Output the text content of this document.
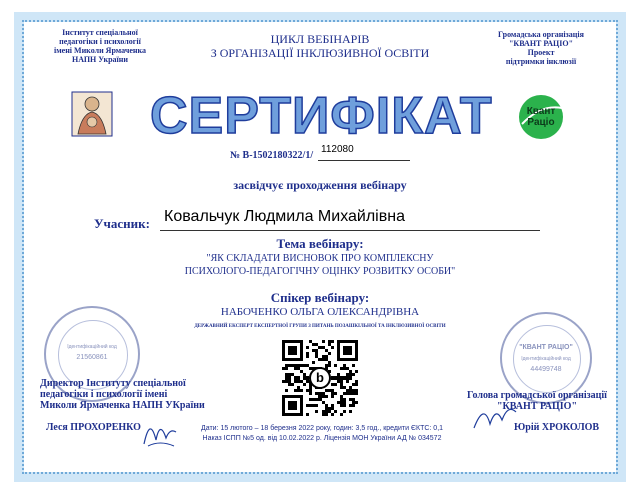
Інститут спеціальної
педагогіки і психології
імені Миколи Ярмаченка
НАПН України
ЦИКЛ ВЕБІНАРІВ
З ОРГАНІЗАЦІЇ ІНКЛЮЗИВНОЇ ОСВІТИ
Громадська організація
"КВАНТ РАЦІО"
Проект
підтримки інклюзії
Квант
Рацiо
СЕРТИФІКАТ
№ В-1502180322/1/
112080
засвідчує проходження вебінару
Учасник: Ковальчук Людмила Михайлівна
Тема вебінару:
"ЯК СКЛАДАТИ ВИСНОВОК ПРО КОМПЛЕКСНУ
ПСИХОЛОГО-ПЕДАГОГІЧНУ ОЦІНКУ РОЗВИТКУ ОСОБИ"
Спікер вебінару:
НАБОЧЕНКО ОЛЬГА ОЛЕКСАНДРІВНА
ДЕРЖАВНИЙ ЕКСПЕРТ ЕКСПЕРТНОЇ ГРУПИ З ПИТАНЬ ПОЗАШКІЛЬНОЇ ТА ІНКЛЮЗИВНОЇ ОСВІТИ
Ідентифікаційний код
21560861
"КВАНТ РАЦІО"
Ідентифікаційний код
44499748
b
Директор Інституту спеціальної
педагогіки і психології імені
Миколи Ярмаченка НАПН УКраїни
Леся ПРОХОРЕНКО
Голова громадської організації
"КВАНТ РАЦІО"
Юрій ХРОКОЛОВ
Дати: 15 лютого – 18 березня 2022 року, годин: 3,5 год., кредити ЄКТС: 0,1
Наказ ІСПП №5 од. від 10.02.2022 р. Ліцензія МОН України АД № 034572
